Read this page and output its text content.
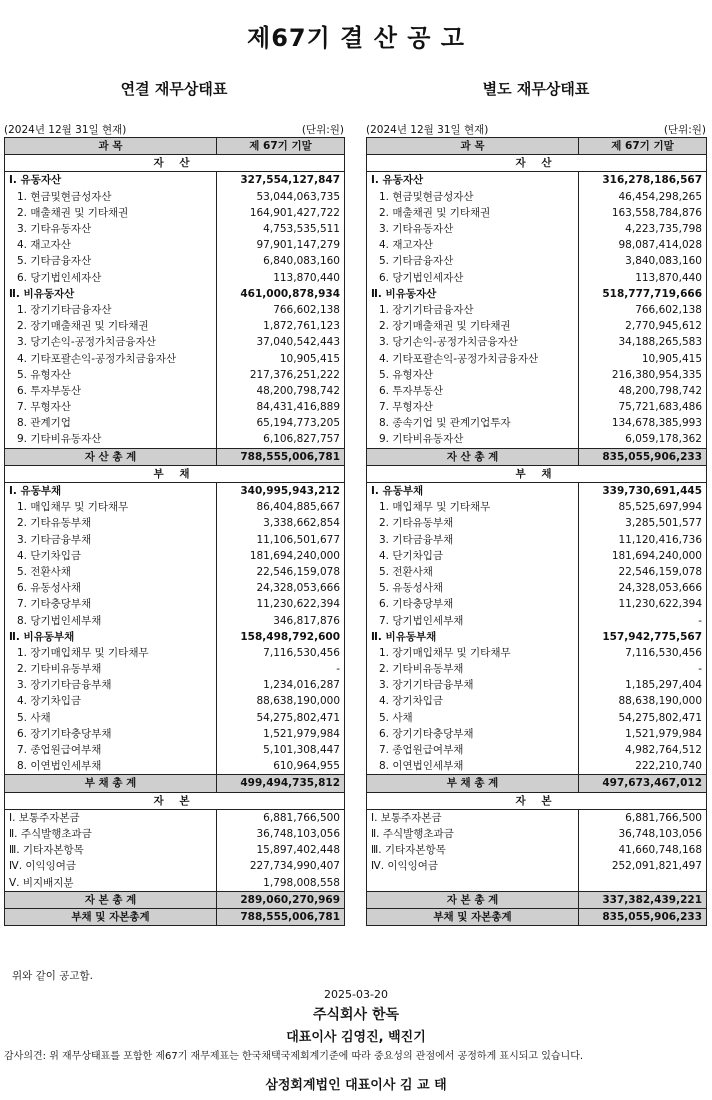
제67기 결 산 공 고
연결 재무상태표	별도 재무상태표
(2024년 12월 31일 현재)	(단위:원) (2024년 12월 31일 현재)	(단위:원)
과 목	제 67기 기말
자 산	
Ⅰ. 유동자산	327,554,127,847
1. 현금및현금성자산	53,044,063,735
2. 매출채권 및 기타채권	164,901,427,722
3. 기타유동자산	4,753,535,511
4. 재고자산	97,901,147,279
5. 기타금융자산	6,840,083,160
6. 당기법인세자산	113,870,440
Ⅱ. 비유동자산	461,000,878,934
1. 장기기타금융자산	766,602,138
2. 장기매출채권 및 기타채권	1,872,761,123
3. 당기손익-공정가치금융자산	37,040,542,443
4. 기타포괄손익-공정가치금융자산	10,905,415
5. 유형자산	217,376,251,222
6. 투자부동산	48,200,798,742
7. 무형자산	84,431,416,889
8. 관계기업	65,194,773,205
9. 기타비유동자산	6,106,827,757
자 산 총 계	788,555,006,781
부 채	
Ⅰ. 유동부채	340,995,943,212
1. 매입채무 및 기타채무	86,404,885,667
2. 기타유동부채	3,338,662,854
3. 기타금융부채	11,106,501,677
4. 단기차입금	181,694,240,000
5. 전환사채	22,546,159,078
6. 유동성사채	24,328,053,666
7. 기타충당부채	11,230,622,394
8. 당기법인세부채	346,817,876
Ⅱ. 비유동부채	158,498,792,600
1. 장기매입채무 및 기타채무	7,116,530,456
2. 기타비유동부채	-
3. 장기기타금융부채	1,234,016,287
4. 장기차입금	88,638,190,000
5. 사채	54,275,802,471
6. 장기기타충당부채	1,521,979,984
7. 종업원급여부채	5,101,308,447
8. 이연법인세부채	610,964,955
부 채 총 계	499,494,735,812
자 본	
Ⅰ. 보통주자본금	6,881,766,500
Ⅱ. 주식발행초과금	36,748,103,056
Ⅲ. 기타자본항목	15,897,402,448
Ⅳ. 이익잉여금	227,734,990,407
Ⅴ. 비지배지분	1,798,008,558
자 본 총 계	289,060,270,969
부채 및 자본총계	788,555,006,781
과 목	제 67기 기말
자 산	
Ⅰ. 유동자산	316,278,186,567
1. 현금및현금성자산	46,454,298,265
2. 매출채권 및 기타채권	163,558,784,876
3. 기타유동자산	4,223,735,798
4. 재고자산	98,087,414,028
5. 기타금융자산	3,840,083,160
6. 당기법인세자산	113,870,440
Ⅱ. 비유동자산	518,777,719,666
1. 장기기타금융자산	766,602,138
2. 장기매출채권 및 기타채권	2,770,945,612
3. 당기손익-공정가치금융자산	34,188,265,583
4. 기타포괄손익-공정가치금융자산	10,905,415
5. 유형자산	216,380,954,335
6. 투자부동산	48,200,798,742
7. 무형자산	75,721,683,486
8. 종속기업 및 관계기업투자	134,678,385,993
9. 기타비유동자산	6,059,178,362
자 산 총 계	835,055,906,233
부 채	
Ⅰ. 유동부채	339,730,691,445
1. 매입채무 및 기타채무	85,525,697,994
2. 기타유동부채	3,285,501,577
3. 기타금융부채	11,120,416,736
4. 단기차입금	181,694,240,000
5. 전환사채	22,546,159,078
5. 유동성사채	24,328,053,666
6. 기타충당부채	11,230,622,394
7. 당기법인세부채	-
Ⅱ. 비유동부채	157,942,775,567
1. 장기매입채무 및 기타채무	7,116,530,456
2. 기타비유동부채	-
3. 장기기타금융부채	1,185,297,404
4. 장기차입금	88,638,190,000
5. 사채	54,275,802,471
6. 장기기타충당부채	1,521,979,984
7. 종업원급여부채	4,982,764,512
8. 이연법인세부채	222,210,740
부 채 총 계	497,673,467,012
자 본	
Ⅰ. 보통주자본금	6,881,766,500
Ⅱ. 주식발행초과금	36,748,103,056
Ⅲ. 기타자본항목	41,660,748,168
Ⅳ. 이익잉여금	252,091,821,497

자 본 총 계	337,382,439,221
부채 및 자본총계	835,055,906,233
위와 같이 공고함.
2025-03-20
주식회사 한독
대표이사 김영진, 백진기
감사의견: 위 재무상태표를 포함한 제67기 재무제표는 한국채택국제회계기준에 따라 중요성의 관점에서 공정하게 표시되고 있습니다.
삼정회계법인 대표이사 김 교 태
